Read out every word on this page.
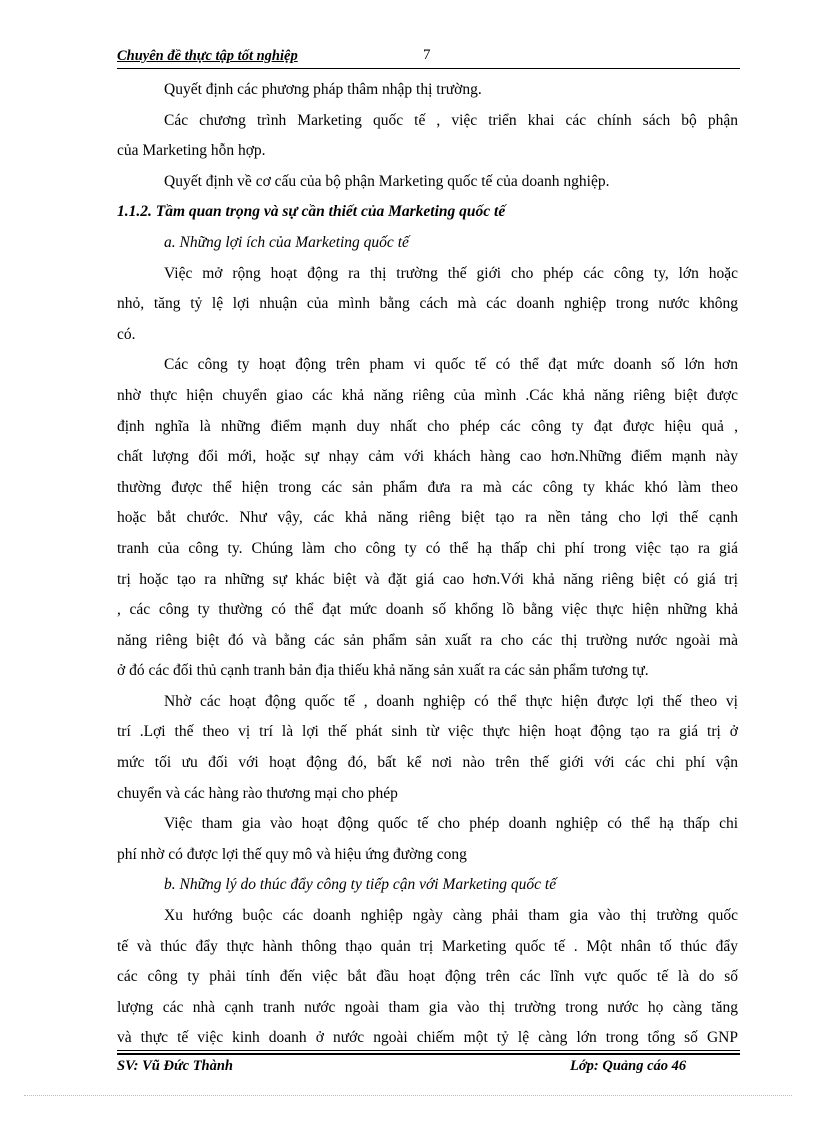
Chuyên đề thực tập tốt nghiệp	7
Quyết định các phương pháp thâm nhập thị trường.
Các chương trình Marketing quốc tế , việc triển khai các chính sách bộ phận
của Marketing hỗn hợp.
Quyết định về cơ cấu của bộ phận Marketing quốc tế của doanh nghiệp.
1.1.2. Tầm quan trọng và sự cần thiết của Marketing quốc tế
a. Những lợi ích của Marketing quốc tế
Việc mở rộng hoạt động ra thị trường thế giới cho phép các công ty, lớn hoặc
nhỏ, tăng tỷ lệ lợi nhuận của mình bằng cách mà các doanh nghiệp trong nước không
có.
Các công ty hoạt động trên pham vi quốc tế có thể đạt mức doanh số lớn hơn
nhờ thực hiện chuyển giao các khả năng riêng của mình .Các khả năng riêng biệt được
định nghĩa là những điểm mạnh duy nhất cho phép các công ty đạt được hiệu quả ,
chất lượng đổi mới, hoặc sự nhạy cảm với khách hàng cao hơn.Những điểm mạnh này
thường được thể hiện trong các sản phẩm đưa ra mà các công ty khác khó làm theo
hoặc bắt chước. Như vậy, các khả năng riêng biệt tạo ra nền tảng cho lợi thế cạnh
tranh của công ty. Chúng làm cho công ty có thể hạ thấp chi phí trong việc tạo ra giá
trị hoặc tạo ra những sự khác biệt và đặt giá cao hơn.Với khả năng riêng biệt có giá trị
, các công ty thường có thể đạt mức doanh số khổng lồ bằng việc thực hiện những khả
năng riêng biệt đó và bằng các sản phẩm sản xuất ra cho các thị trường nước ngoài mà
ở đó các đối thủ cạnh tranh bản địa thiếu khả năng sản xuất ra các sản phẩm tương tự.
Nhờ các hoạt động quốc tế , doanh nghiệp có thể thực hiện được lợi thế theo vị
trí .Lợi thế theo vị trí là lợi thế phát sinh từ việc thực hiện hoạt động tạo ra giá trị ở
mức tối ưu đối với hoạt động đó, bất kể nơi nào trên thế giới với các chi phí vận
chuyển và các hàng rào thương mại cho phép
Việc tham gia vào hoạt động quốc tế cho phép doanh nghiệp có thể hạ thấp chi
phí nhờ có được lợi thế quy mô và hiệu ứng đường cong
b. Những lý do thúc đẩy công ty tiếp cận với Marketing quốc tế
Xu hướng buộc các doanh nghiệp ngày càng phải tham gia vào thị trường quốc
tế và thúc đẩy thực hành thông thạo quản trị Marketing quốc tế . Một nhân tố thúc đẩy
các công ty phải tính đến việc bắt đầu hoạt động trên các lĩnh vực quốc tế là do số
lượng các nhà cạnh tranh nước ngoài tham gia vào thị trường trong nước họ càng tăng
và thực tế việc kinh doanh ở nước ngoài chiếm một tỷ lệ càng lớn trong tổng số GNP
SV: Vũ Đức Thành	Lớp: Quảng cáo 46
